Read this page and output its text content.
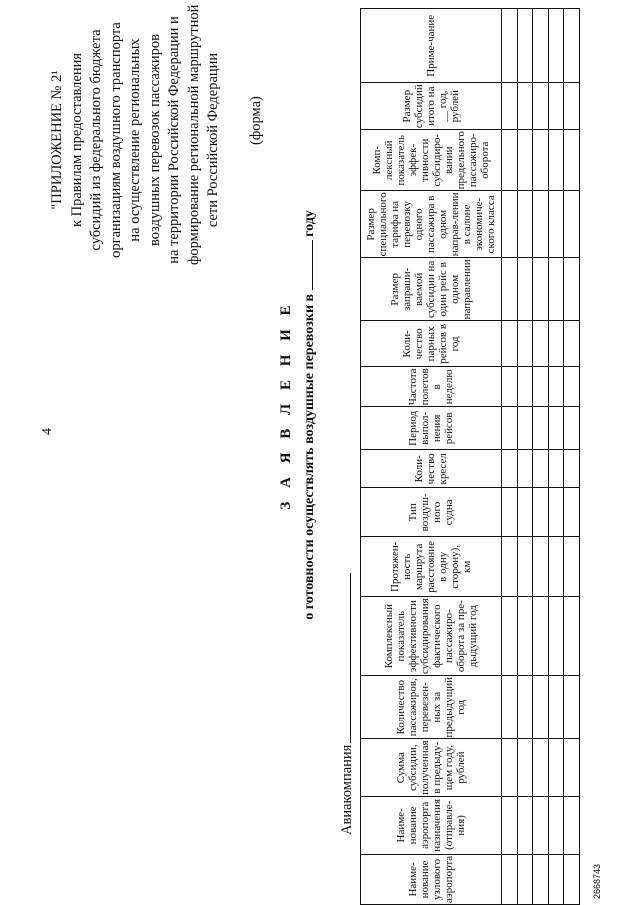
4
"ПРИЛОЖЕНИЕ № 2¹ к Правилам предоставления субсидий из федерального бюджета организациям воздушного транспорта на осуществление региональных воздушных перевозок пассажиров на территории Российской Федерации и формирование региональной маршрутной сети Российской Федерации (форма)
З А Я В Л Е Н И Е о готовности осуществлять воздушные перевозки в  году
Авиакомпания
Наиме-нование узлового аэропорта	Наиме-нование аэропорта назначения (отправле-ния)	Сумма субсидии, полученная в предыду-щем году, рублей	Количество пассажиров, перевезен-ных за предыдущий год	Комплексный показатель эффективности субсидирования фактического пассажиро-оборота за пре-дыдущий год	Протяжен-ность маршрута расстояние в одну сторону), км	Тип воздуш-ного судна	Коли-чество кресел	Период выпол-нения рейсов	Частота полетов в неделю	Коли-чество парных рейсов в год	Размер запраши-ваемой субсидии на один рейс в одном направлении	Размер специального тарифа на перевозку одного пассажира в одном направ-лении в салоне экономиче-ского класса	Комп-лексный показатель эффек-тивности субсидиро-вании предельного пассажиро-оборота	Размер субсидий итого на __ год, рублей	Приме-чание

2668743
